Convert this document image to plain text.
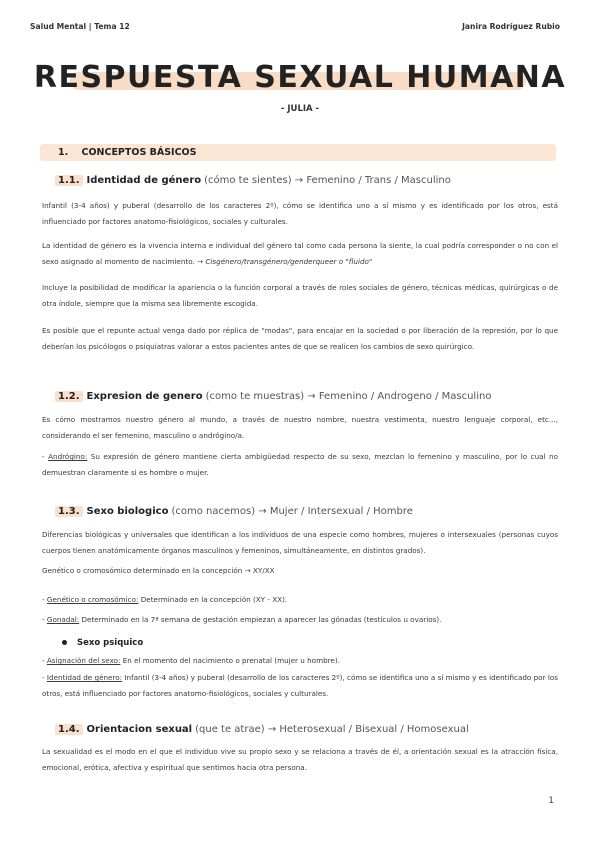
Salud Mental | Tema 12	Janira Rodríguez Rubio
RESPUESTA SEXUAL HUMANA
- JULIA -
1. CONCEPTOS BÁSICOS
1.1. Identidad de género (cómo te sientes) → Femenino / Trans / Masculino

Infantil (3-4 años) y puberal (desarrollo de los caracteres 2º), cómo se identifica uno a sí mismo y es identificado por los otros, está influenciado por factores anatomo-fisiológicos, sociales y culturales.

La identidad de género es la vivencia interna e individual del género tal como cada persona la siente, la cual podría corresponder o no con el sexo asignado al momento de nacimiento. → Cisgénero/transgénero/genderqueer o "fluido"

Incluye la posibilidad de modificar la apariencia o la función corporal a través de roles sociales de género, técnicas médicas, quirúrgicas o de otra índole, siempre que la misma sea libremente escogida.

Es posible que el repunte actual venga dado por réplica de "modas", para encajar en la sociedad o por liberación de la represión, por lo que deberían los psicólogos o psiquiatras valorar a estos pacientes antes de que se realicen los cambios de sexo quirúrgico.

1.2. Expresion de genero (como te muestras) → Femenino / Androgeno / Masculino

Es cómo mostramos nuestro género al mundo, a través de nuestro nombre, nuestra vestimenta, nuestro lenguaje corporal, etc..., considerando el ser femenino, masculino o andrógino/a.

- Andrógino: Su expresión de género mantiene cierta ambigüedad respecto de su sexo, mezclan lo femenino y masculino, por lo cual no demuestran claramente si es hombre o mujer.

1.3. Sexo biologico (como nacemos) → Mujer / Intersexual / Hombre

Diferencias biológicas y universales que identifican a los individuos de una especie como hombres, mujeres o intersexuales (personas cuyos cuerpos tienen anatómicamente órganos masculinos y femeninos, simultáneamente, en distintos grados).

Genético o cromosómico determinado en la concepción → XY/XX

- Genético o cromosómico: Determinado en la concepción (XY - XX).

- Gonadal: Determinado en la 7ª semana de gestación empiezan a aparecer las gónadas (testículos u ovarios).

Sexo psiquico

- Asignación del sexo: En el momento del nacimiento o prenatal (mujer u hombre).

- Identidad de género: Infantil (3-4 años) y puberal (desarrollo de los caracteres 2º), cómo se identifica uno a sí mismo y es identificado por los otros, está influenciado por factores anatomo-fisiológicos, sociales y culturales.

1.4. Orientacion sexual (que te atrae) → Heterosexual / Bisexual / Homosexual

La sexualidad es el modo en el que el individuo vive su propio sexo y se relaciona a través de él, a orientación sexual es la atracción física, emocional, erótica, afectiva y espiritual que sentimos hacia otra persona.

1
